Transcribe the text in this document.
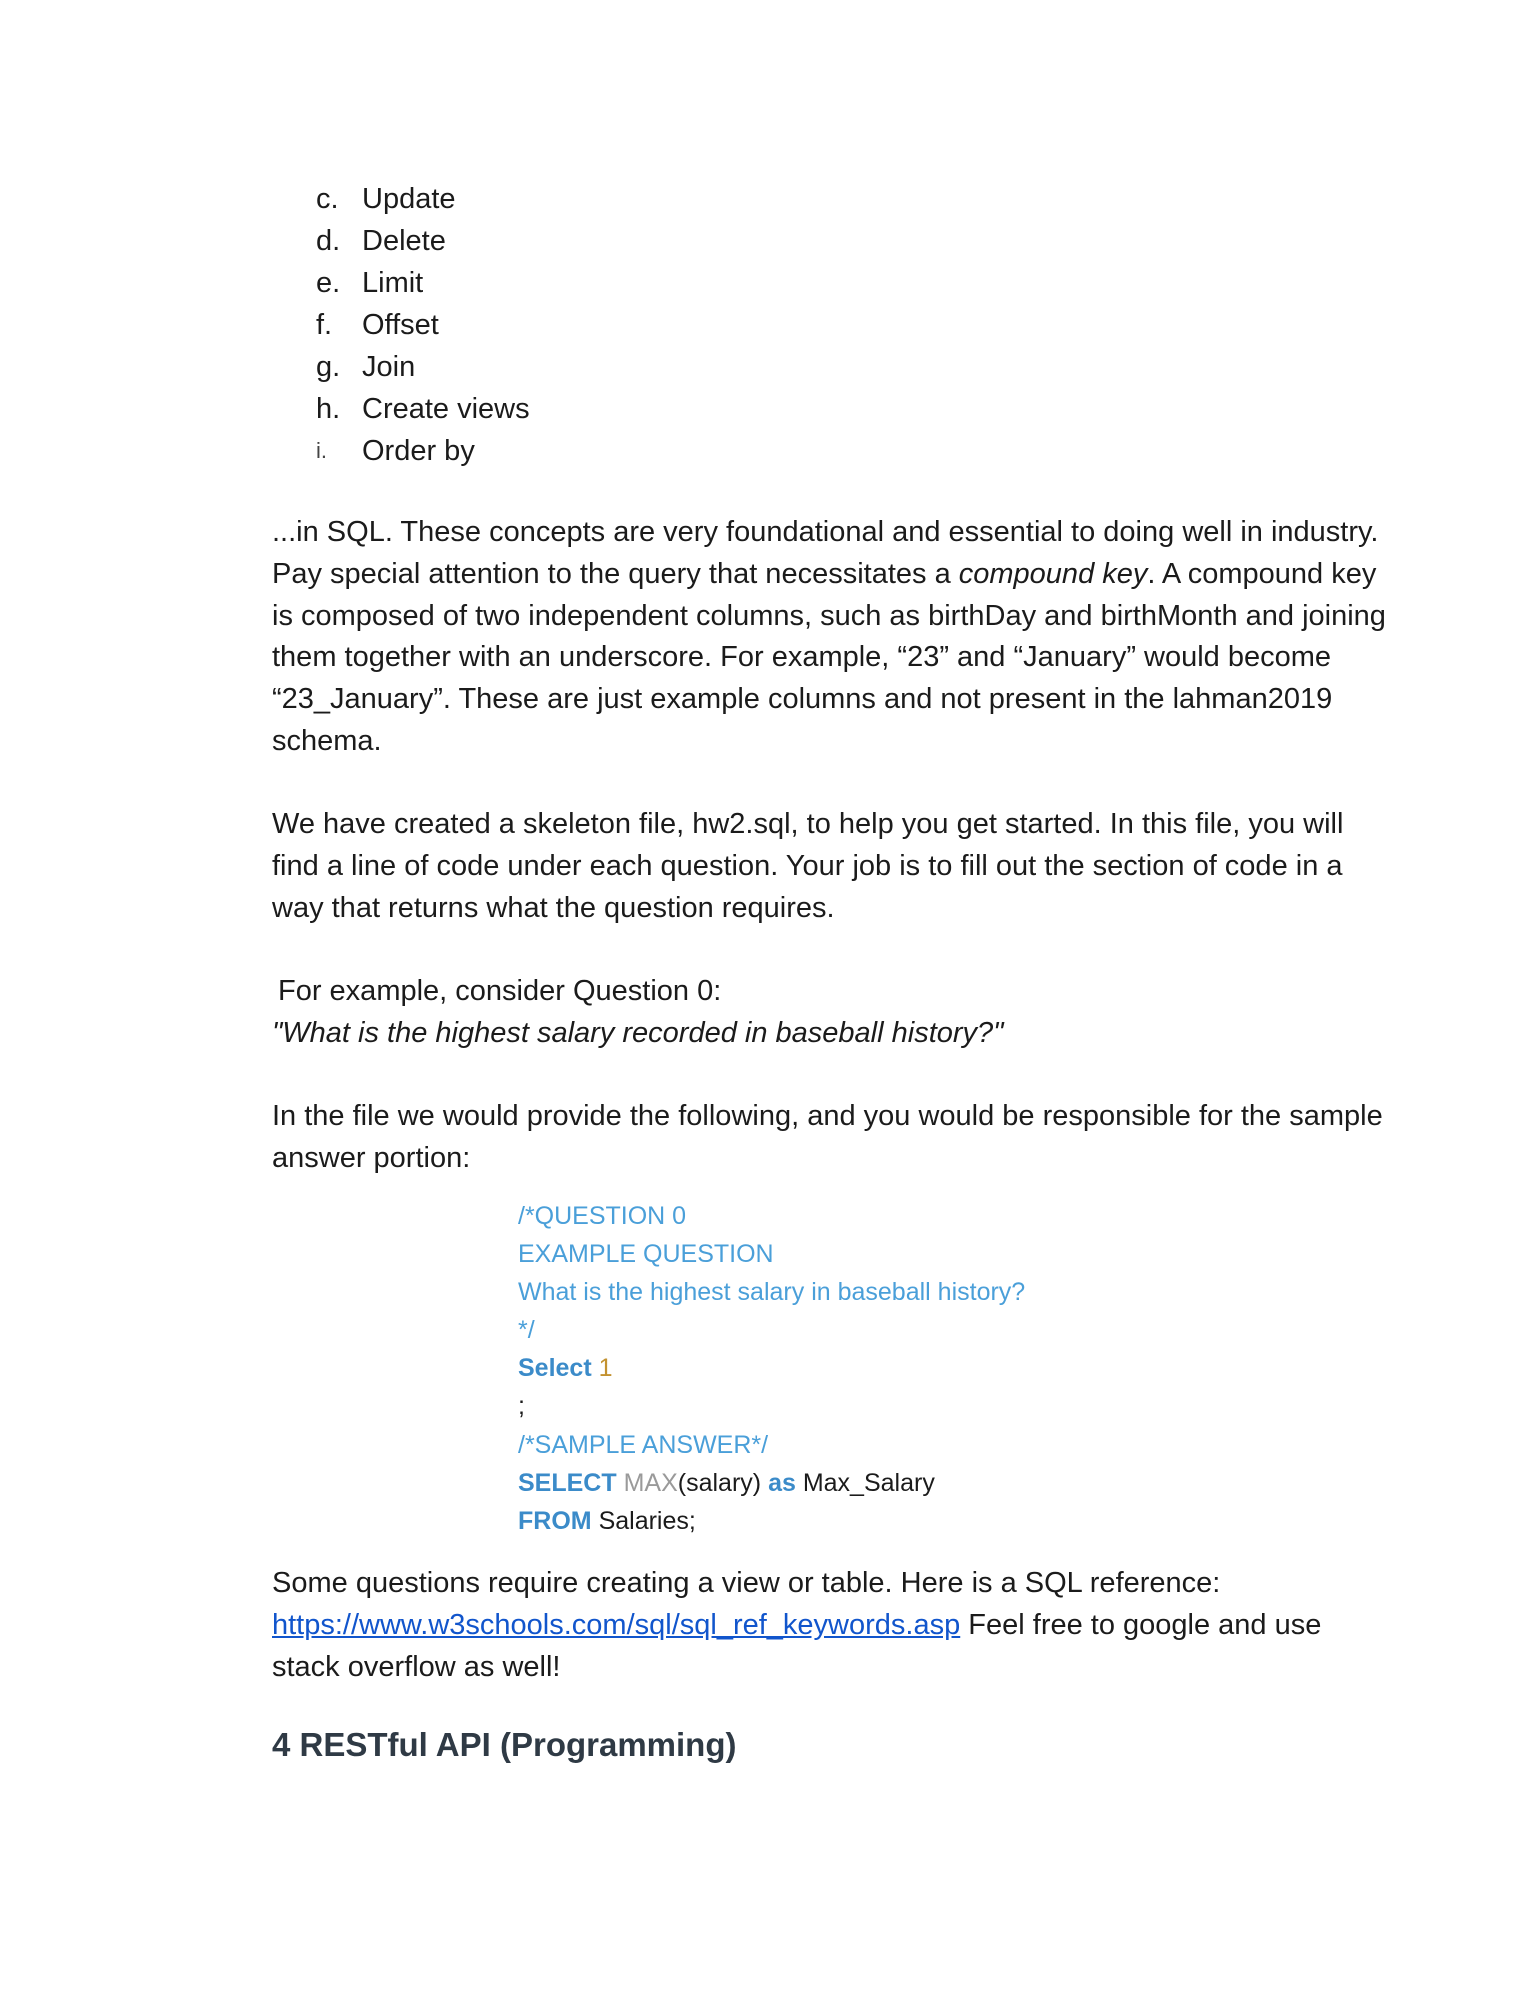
c. Update
d. Delete
e. Limit
f.	Offset
g. Join
h. Create views
i.	Order by

...in SQL. These concepts are very foundational and essential to doing well in industry. Pay special attention to the query that necessitates a compound key. A compound key is composed of two independent columns, such as birthDay and birthMonth and joining them together with an underscore. For example, “23” and “January” would become “23_January”. These are just example columns and not present in the lahman2019 schema.

We have created a skeleton file, hw2.sql, to help you get started. In this file, you will find a line of code under each question. Your job is to fill out the section of code in a way that returns what the question requires.

For example, consider Question 0:
"What is the highest salary recorded in baseball history?"

In the file we would provide the following, and you would be responsible for the sample answer portion:

/*QUESTION 0
EXAMPLE QUESTION
What is the highest salary in baseball history?
*/
Select 1
;
/*SAMPLE ANSWER*/
SELECT MAX(salary) as Max_Salary
FROM Salaries;

Some questions require creating a view or table. Here is a SQL reference:
https://www.w3schools.com/sql/sql_ref_keywords.asp Feel free to google and use stack overflow as well!

4 RESTful API (Programming)
